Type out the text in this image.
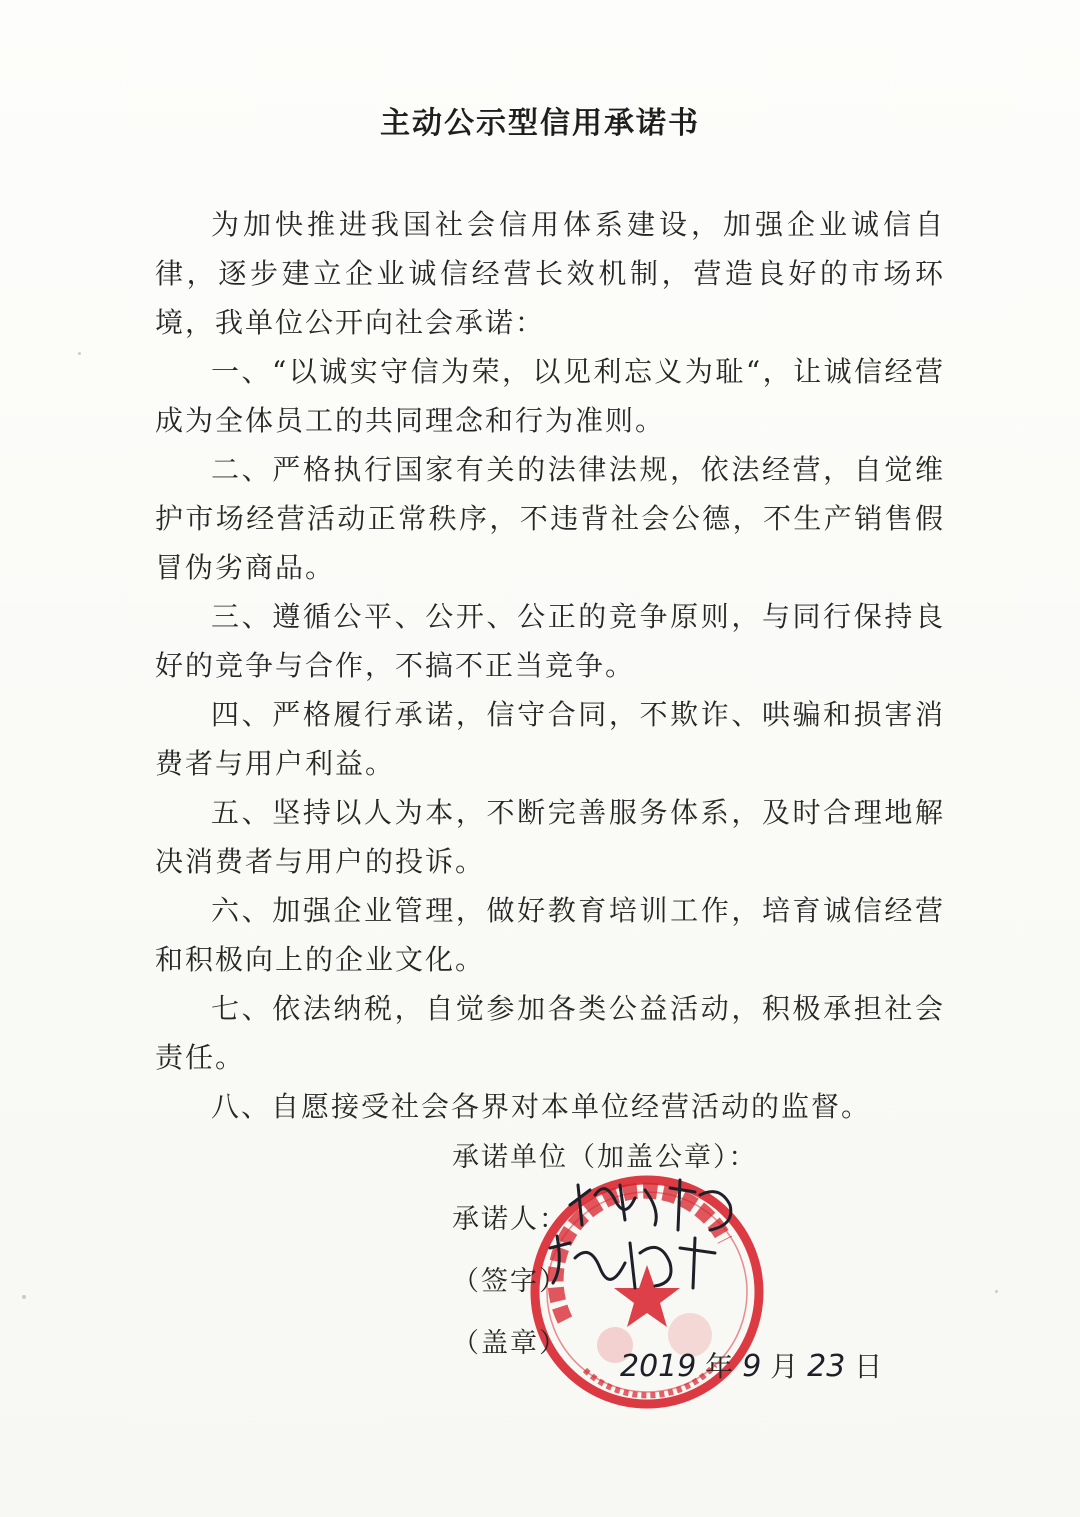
主动公示型信用承诺书

为加快推进我国社会信用体系建设，加强企业诚信自律，逐步建立企业诚信经营长效机制，营造良好的市场环境，我单位公开向社会承诺：

一、“以诚实守信为荣，以见利忘义为耻“，让诚信经营成为全体员工的共同理念和行为准则。

二、严格执行国家有关的法律法规，依法经营，自觉维护市场经营活动正常秩序，不违背社会公德，不生产销售假冒伪劣商品。

三、遵循公平、公开、公正的竞争原则，与同行保持良好的竞争与合作，不搞不正当竞争。

四、严格履行承诺，信守合同，不欺诈、哄骗和损害消费者与用户利益。

五、坚持以人为本，不断完善服务体系，及时合理地解决消费者与用户的投诉。

六、加强企业管理，做好教育培训工作，培育诚信经营和积极向上的企业文化。

七、依法纳税，自觉参加各类公益活动，积极承担社会责任。

八、自愿接受社会各界对本单位经营活动的监督。

承诺单位（加盖公章）：
承诺人：
（签字）
（盖章）
2019 年 9 月 23 日
